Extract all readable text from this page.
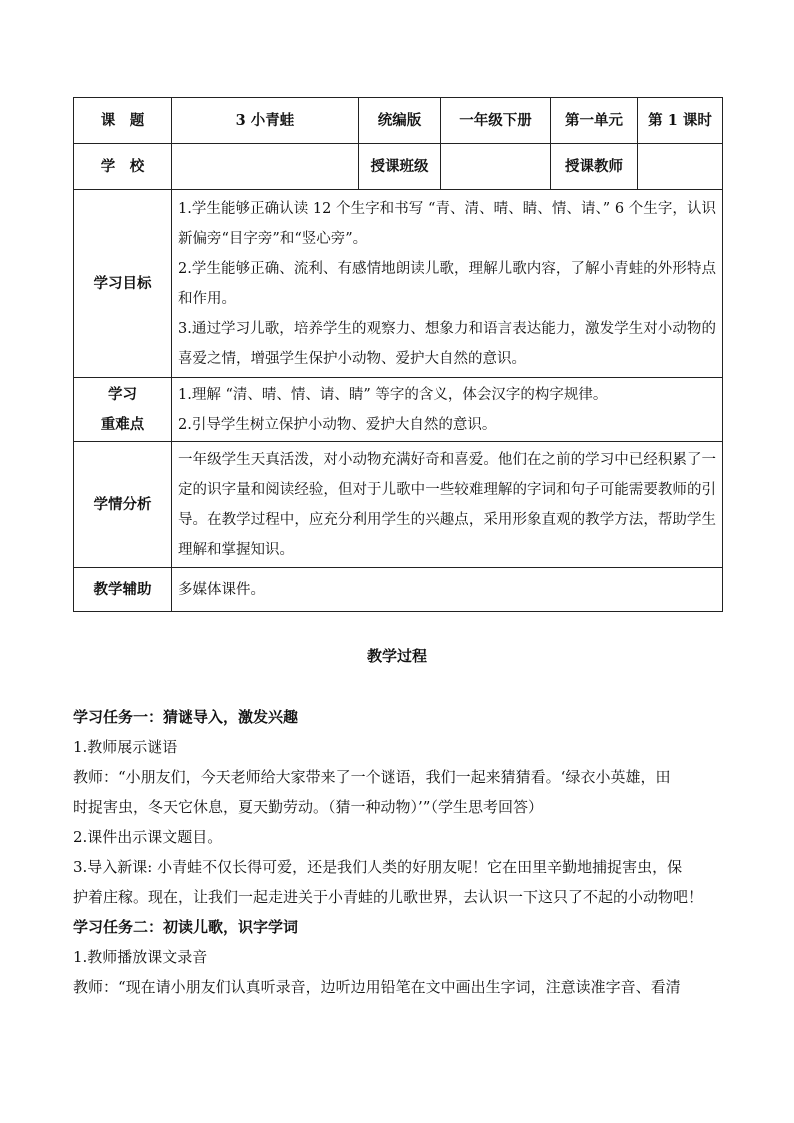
课　题	3 小青蛙	统编版	一年级下册	第一单元	第 1 课时
学　校		授课班级		授课教师	
学习目标	1.学生能够正确认读 12 个生字和书写 “青、清、晴、睛、情、请、” 6 个生字，认识新偏旁“目字旁”和“竖心旁”。
2.学生能够正确、流利、有感情地朗读儿歌，理解儿歌内容，了解小青蛙的外形特点和作用。
3.通过学习儿歌，培养学生的观察力、想象力和语言表达能力，激发学生对小动物的喜爱之情，增强学生保护小动物、爱护大自然的意识。				

学习
重难点	1.理解 “清、晴、情、请、睛” 等字的含义，体会汉字的构字规律。
2.引导学生树立保护小动物、爱护大自然的意识。				

学情分析	一年级学生天真活泼，对小动物充满好奇和喜爱。他们在之前的学习中已经积累了一定的识字量和阅读经验，但对于儿歌中一些较难理解的字词和句子可能需要教师的引导。在教学过程中，应充分利用学生的兴趣点，采用形象直观的教学方法，帮助学生理解和掌握知识。				

教学辅助	多媒体课件。				
教学过程
学习任务一：猜谜导入，激发兴趣
1.教师展示谜语
教师：“小朋友们，今天老师给大家带来了一个谜语，我们一起来猜猜看。‘绿衣小英雄，田
时捉害虫，冬天它休息，夏天勤劳动。（猜一种动物）’”（学生思考回答）
2.课件出示课文题目。
3.导入新课: 小青蛙不仅长得可爱，还是我们人类的好朋友呢！它在田里辛勤地捕捉害虫，保
护着庄稼。现在，让我们一起走进关于小青蛙的儿歌世界，去认识一下这只了不起的小动物吧！
学习任务二：初读儿歌，识字学词
1.教师播放课文录音
教师：“现在请小朋友们认真听录音，边听边用铅笔在文中画出生字词，注意读准字音、看清
